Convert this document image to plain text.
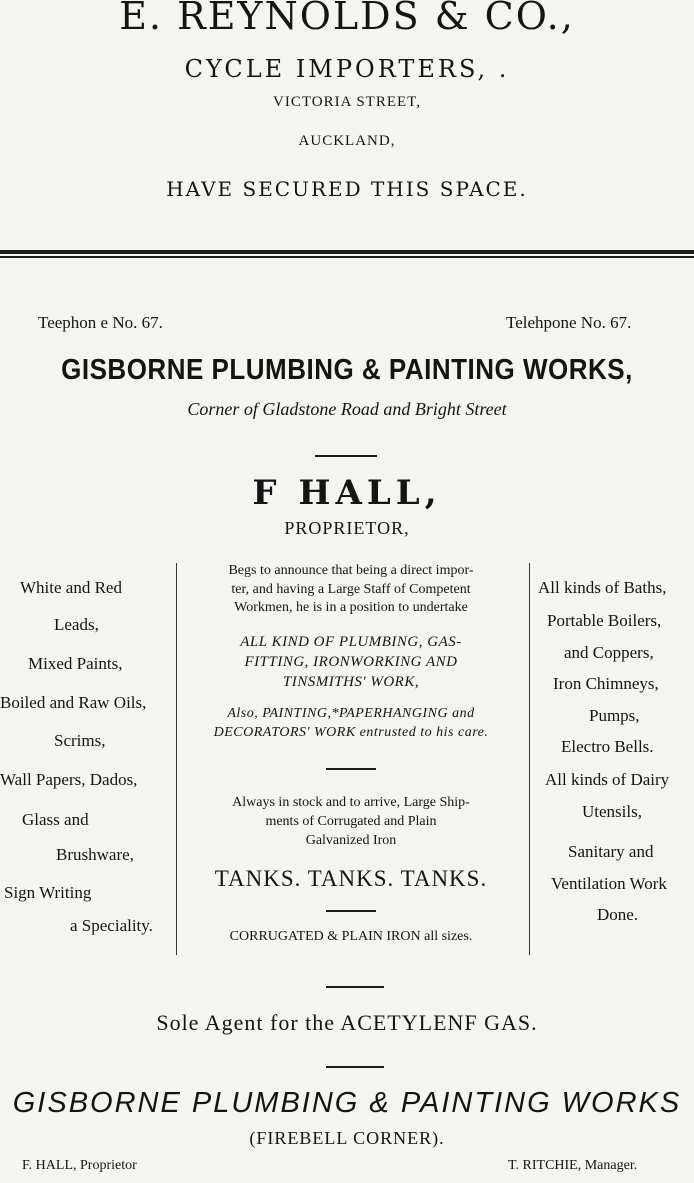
E. REYNOLDS & CO.,
CYCLE IMPORTERS, .
VICTORIA STREET,
AUCKLAND,
HAVE SECURED THIS SPACE.
Teephon e No. 67.	Telehpone No. 67.
GISBORNE PLUMBING & PAINTING WORKS,
Corner of Gladstone Road and Bright Street
F HALL,
PROPRIETOR,
White and Red
Leads,
Mixed Paints,
Boiled and Raw Oils,
Scrims,
Wall Papers, Dados,
Glass and
Brushware,
Sign Writing
a Speciality.
Begs to announce that being a direct impor-
ter, and having a Large Staff of Competent
Workmen, he is in a position to undertake
ALL KIND OF PLUMBING, GAS-
FITTING, IRONWORKING AND
TINSMITHS' WORK,
Also, PAINTING,*PAPERHANGING and
DECORATORS' WORK entrusted to his care.
Always in stock and to arrive, Large Ship-
ments of Corrugated and Plain
Galvanized Iron
TANKS. TANKS. TANKS.
CORRUGATED & PLAIN IRON all sizes.
All kinds of Baths,
Portable Boilers,
and Coppers,
Iron Chimneys,
Pumps,
Electro Bells.
All kinds of Dairy
Utensils,
Sanitary and
Ventilation Work
Done.
Sole Agent for the ACETYLENF GAS.
GISBORNE PLUMBING & PAINTING WORKS
(FIREBELL CORNER).
F. HALL, Proprietor	T. RITCHIE, Manager.
